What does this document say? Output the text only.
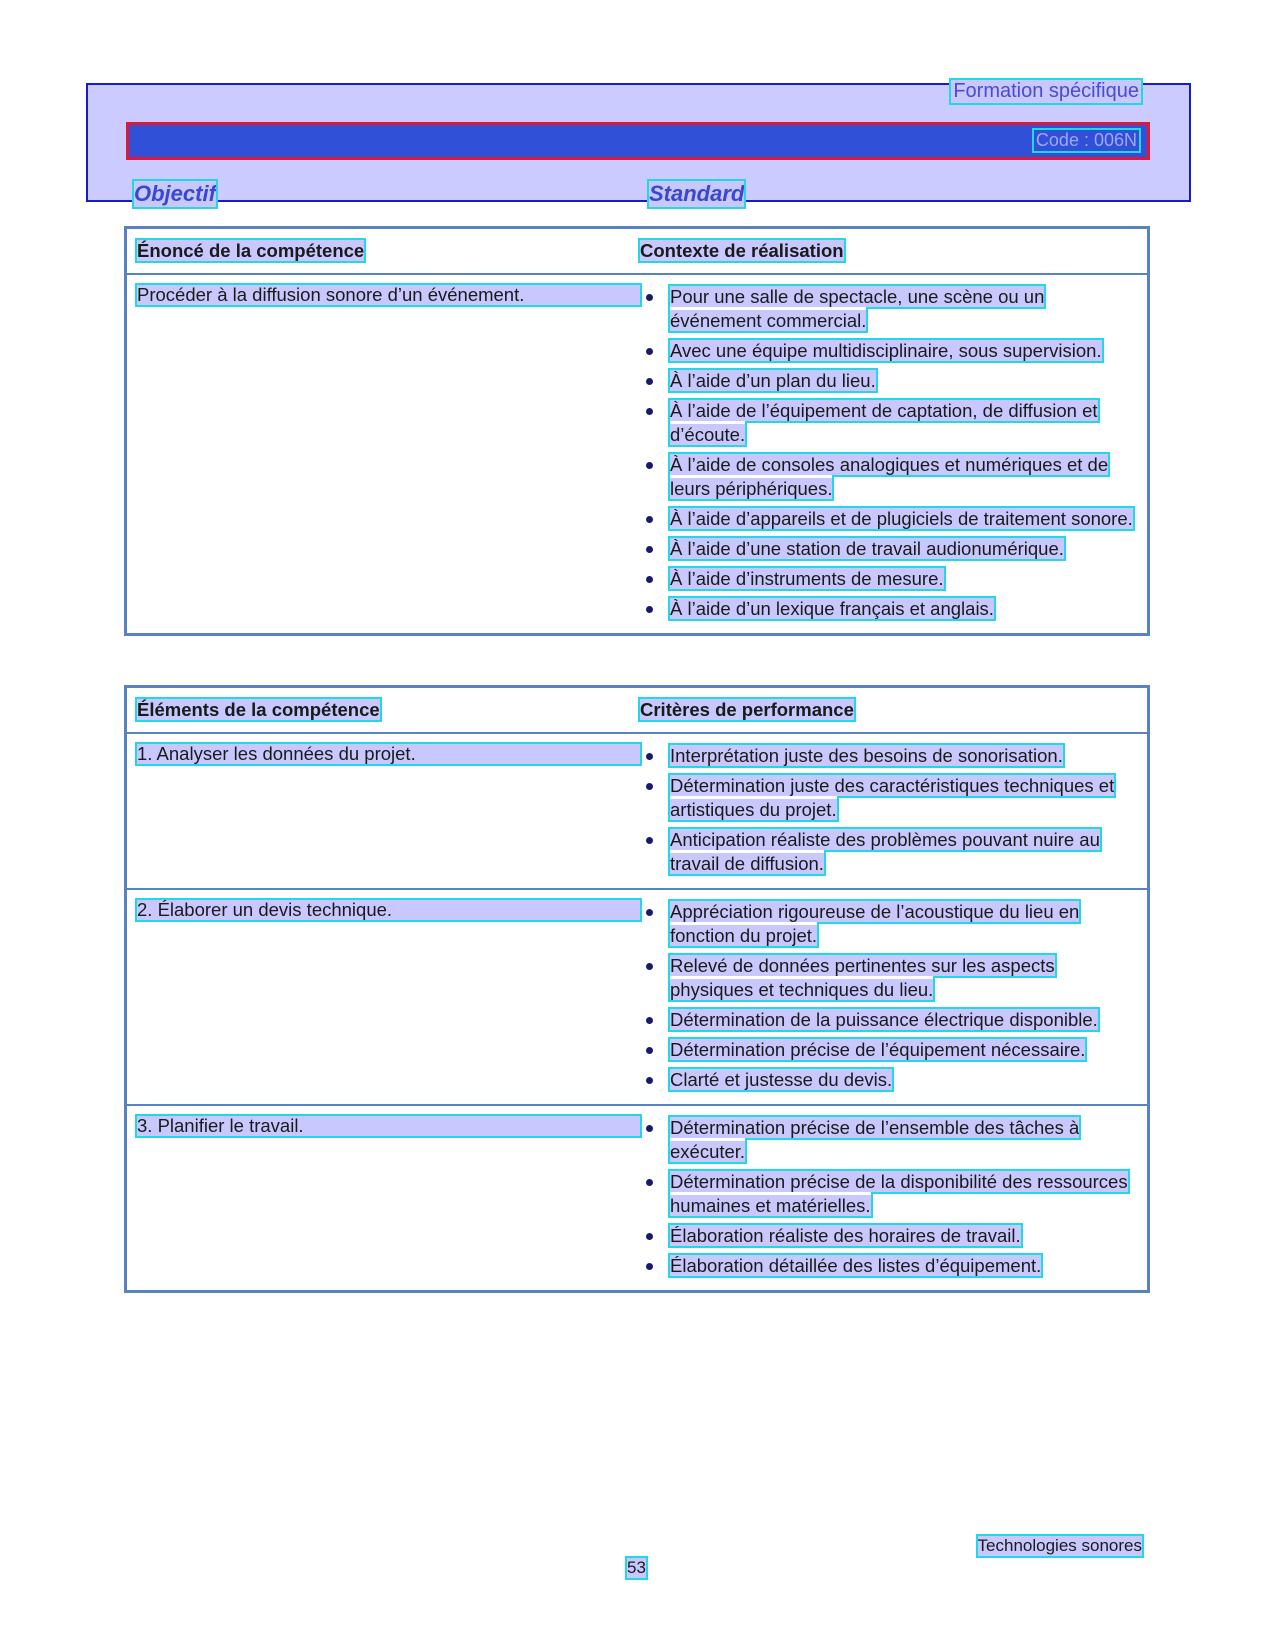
Formation spécifique
Code : 006N
Objectif	Standard
Énoncé de la compétence	Contexte de réalisation
Procéder à la diffusion sonore d’un événement.	Pour une salle de spectacle, une scène ou un événement commercial.
Avec une équipe multidisciplinaire, sous supervision.
À l’aide d’un plan du lieu.
À l’aide de l’équipement de captation, de diffusion et d’écoute.
À l’aide de consoles analogiques et numériques et de leurs périphériques.
À l’aide d’appareils et de plugiciels de traitement sonore.
À l’aide d’une station de travail audionumérique.
À l’aide d’instruments de mesure.
À l’aide d’un lexique français et anglais.
Éléments de la compétence	Critères de performance
1. Analyser les données du projet.	Interprétation juste des besoins de sonorisation.
Détermination juste des caractéristiques techniques et artistiques du projet.
Anticipation réaliste des problèmes pouvant nuire au travail de diffusion.
2. Élaborer un devis technique.	Appréciation rigoureuse de l’acoustique du lieu en fonction du projet.
Relevé de données pertinentes sur les aspects physiques et techniques du lieu.
Détermination de la puissance électrique disponible.
Détermination précise de l’équipement nécessaire.
Clarté et justesse du devis.
3. Planifier le travail.	Détermination précise de l’ensemble des tâches à exécuter.
Détermination précise de la disponibilité des ressources humaines et matérielles.
Élaboration réaliste des horaires de travail.
Élaboration détaillée des listes d’équipement.
Technologies sonores
53
